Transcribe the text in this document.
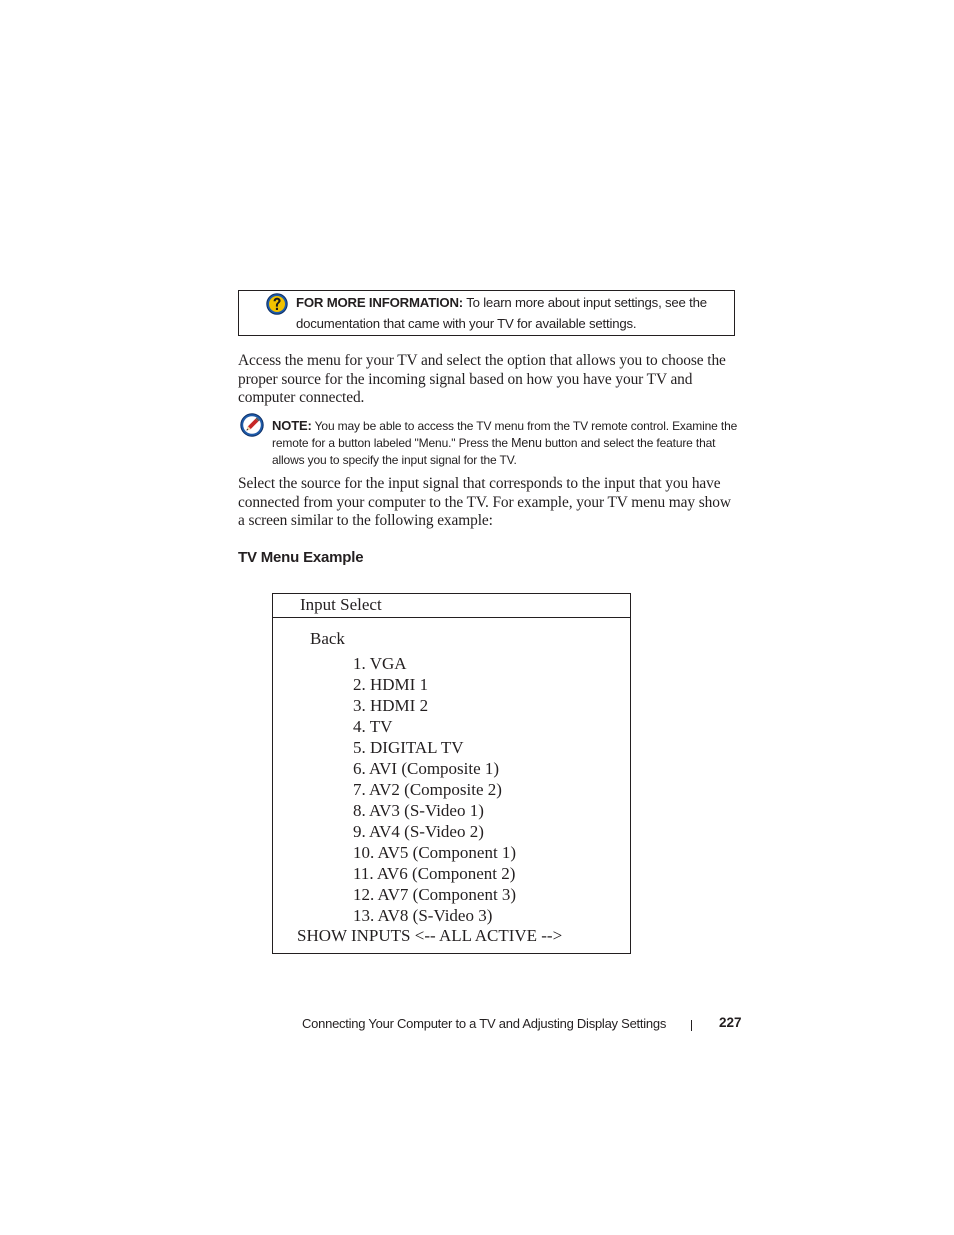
FOR MORE INFORMATION: To learn more about input settings, see the documentation that came with your TV for available settings.
Access the menu for your TV and select the option that allows you to choose the proper source for the incoming signal based on how you have your TV and computer connected.
NOTE: You may be able to access the TV menu from the TV remote control. Examine the remote for a button labeled "Menu." Press the Menu button and select the feature that allows you to specify the input signal for the TV.
Select the source for the input signal that corresponds to the input that you have connected from your computer to the TV. For example, your TV menu may show a screen similar to the following example:
TV Menu Example
Input Select
Back
1. VGA
2. HDMI 1
3. HDMI 2
4. TV
5. DIGITAL TV
6. AVI (Composite 1)
7. AV2 (Composite 2)
8. AV3 (S-Video 1)
9. AV4 (S-Video 2)
10. AV5 (Component 1)
11. AV6 (Component 2)
12. AV7 (Component 3)
13. AV8 (S-Video 3)
SHOW INPUTS <-- ALL ACTIVE -->
Connecting Your Computer to a TV and Adjusting Display Settings	227
